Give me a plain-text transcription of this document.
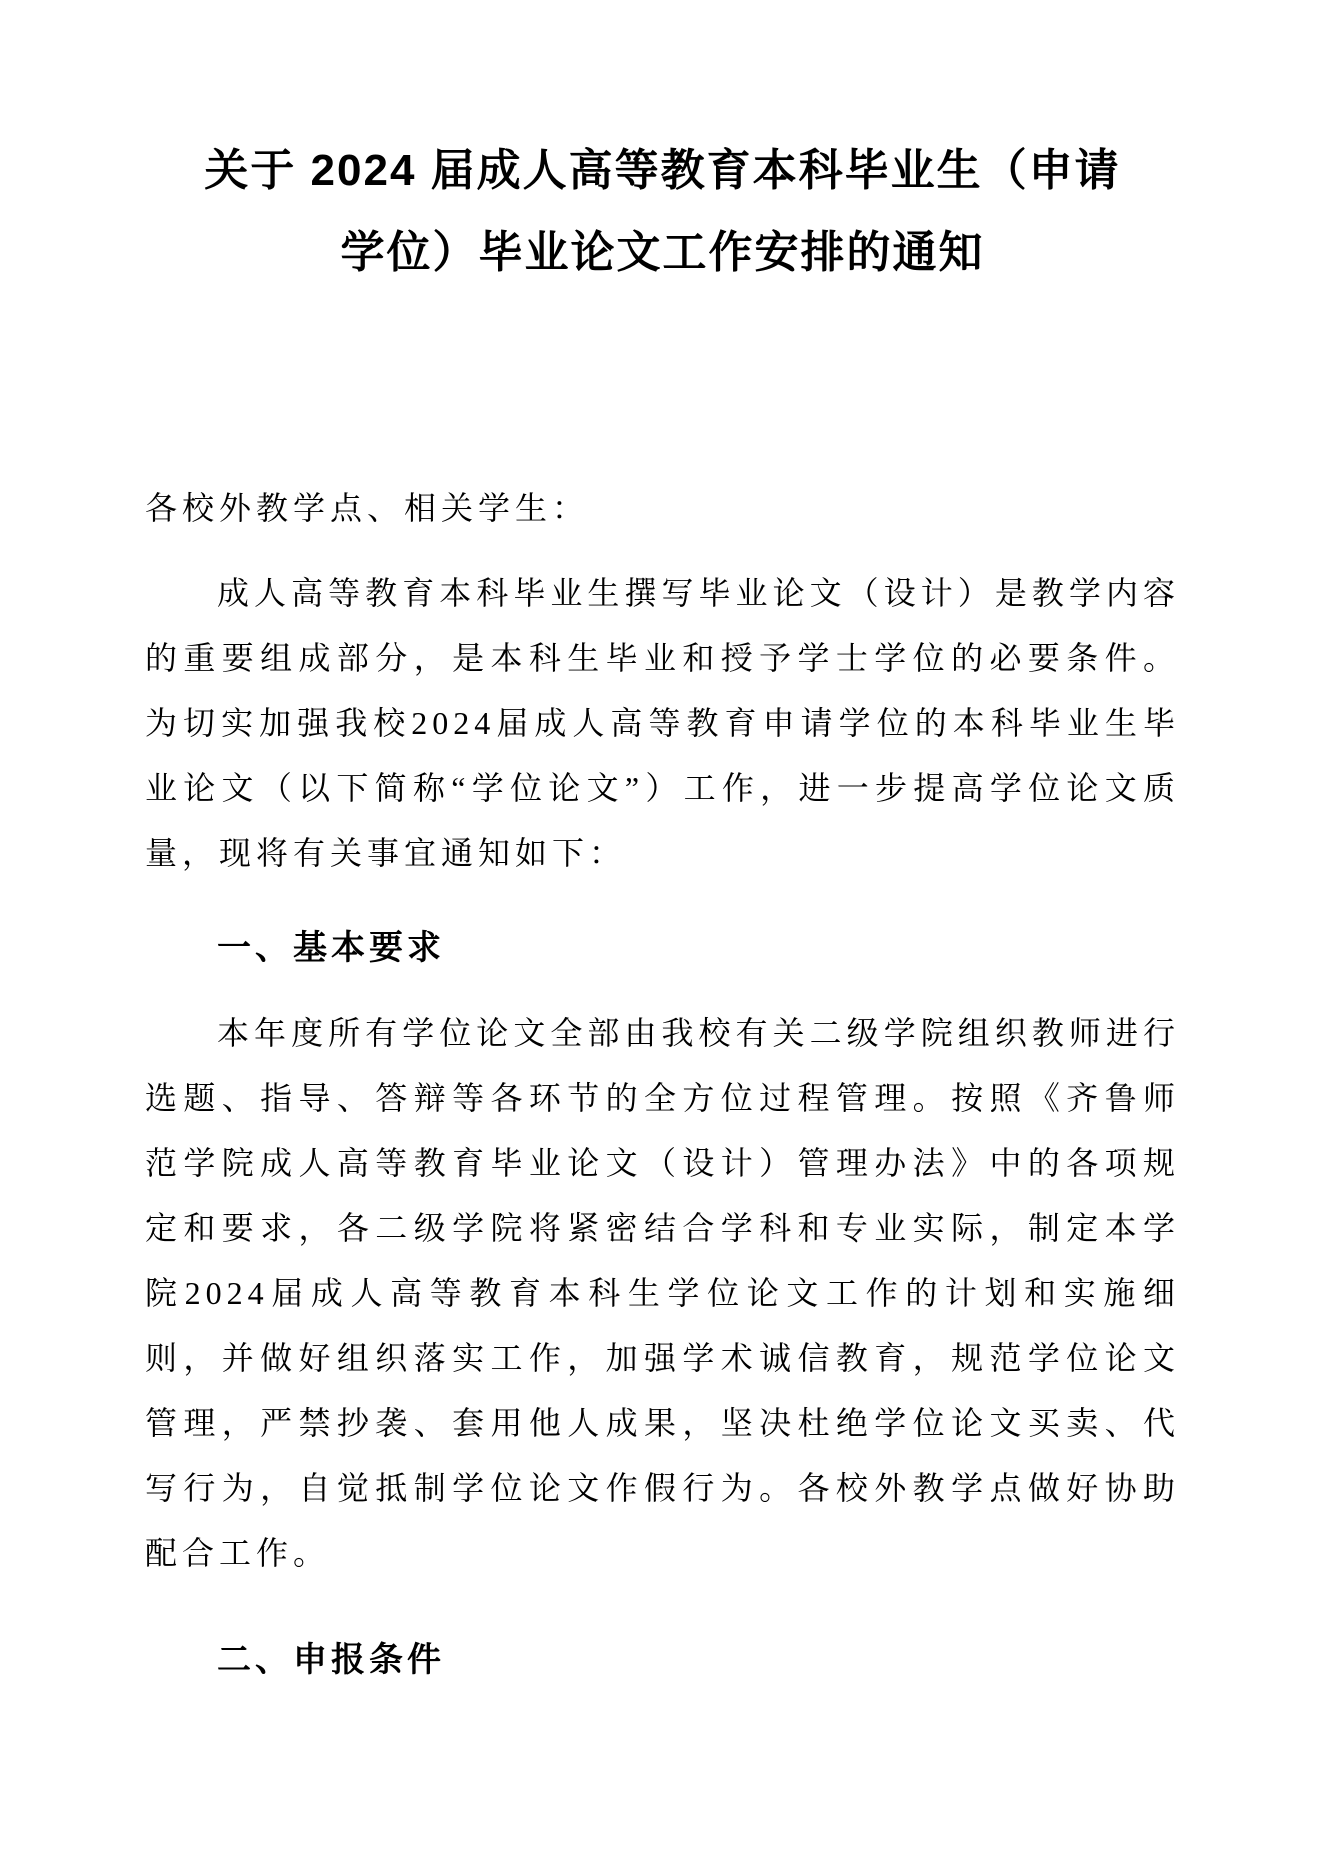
关于 2024 届成人高等教育本科毕业生（申请
学位）毕业论文工作安排的通知

各校外教学点、相关学生：

成人高等教育本科毕业生撰写毕业论文（设计）是教学内容的重要组成部分，是本科生毕业和授予学士学位的必要条件。为切实加强我校2024届成人高等教育申请学位的本科毕业生毕业论文（以下简称“学位论文”）工作，进一步提高学位论文质量，现将有关事宜通知如下：

一、基本要求

本年度所有学位论文全部由我校有关二级学院组织教师进行选题、指导、答辩等各环节的全方位过程管理。按照《齐鲁师范学院成人高等教育毕业论文（设计）管理办法》中的各项规定和要求，各二级学院将紧密结合学科和专业实际，制定本学院2024届成人高等教育本科生学位论文工作的计划和实施细则，并做好组织落实工作，加强学术诚信教育，规范学位论文管理，严禁抄袭、套用他人成果，坚决杜绝学位论文买卖、代写行为，自觉抵制学位论文作假行为。各校外教学点做好协助配合工作。

二、申报条件
